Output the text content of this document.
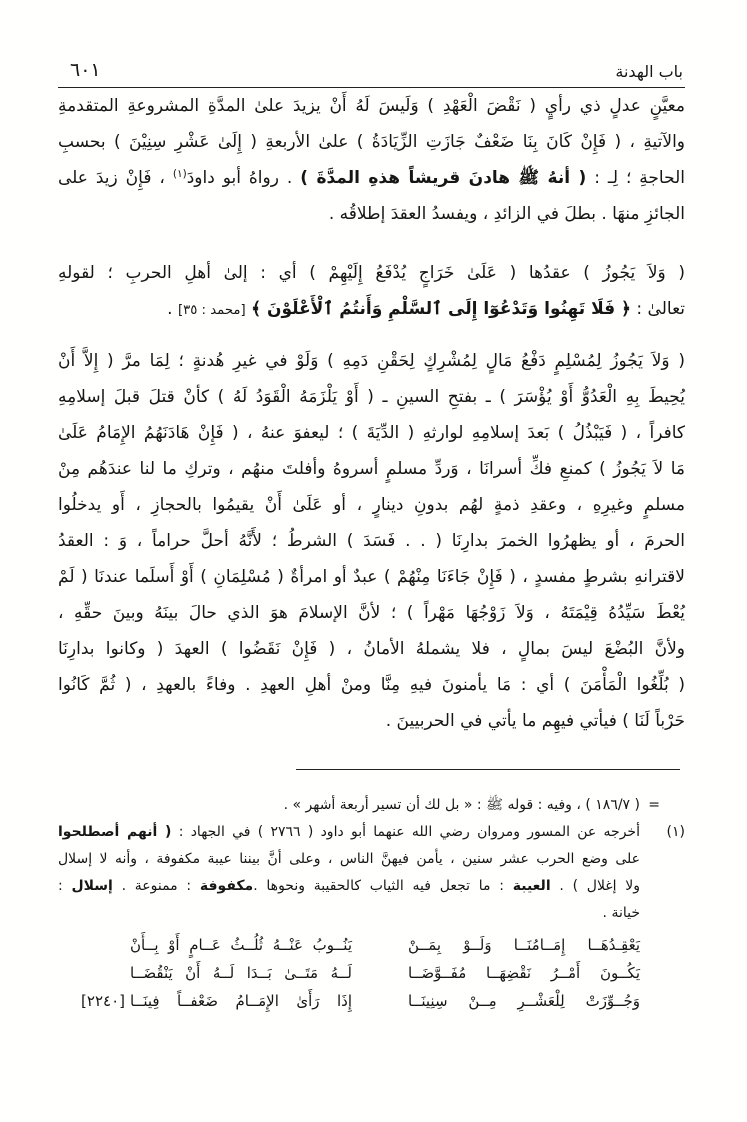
باب الهدنة
٦٠١
معيَّنٍ عدلٍ ذي رأيٍ ( نَقْضَ الْعَهْدِ ) وَلَيسَ لَهُ أَنْ يزيدَ علىٰ المدَّةِ المشروعةِ المتقدمةِ
والآتيةِ ، ( فَإِنْ كَانَ بِنَا ضَعْفٌ جَازَتِ الزِّيَادَةُ ) علىٰ الأربعةِ ( إِلَىٰ عَشْرِ سِنِيْنَ ) بحسبِ
الحاجةِ ؛ لِـ : ( أنهُ ﷺ هادنَ قريشاً هذهِ المدَّةَ ) . رواهُ أبو داودَ$^{(١)}$ ، فَإِنْ زيدَ على
الجائزِ منهَا . بطلَ في الزائدِ ، ويفسدُ العقدَ إطلاقُه .
( وَلاَ يَجُوزُ ) عقدُها ( عَلَىٰ خَرَاجٍ يُدْفَعُ إِلَيْهِمْ ) أي : إلىٰ أهلِ الحربِ ؛ لقولهِ
تعالىٰ : ﴿ فَلَا تَهِنُوا وَتَدْعُوٓا إِلَى ٱلسَّلْمِ وَأَنتُمُ ٱلْأَعْلَوْنَ ﴾ [محمد : ٣٥] .
( وَلاَ يَجُوزُ لِمُسْلِمٍ دَفْعُ مَالٍ لِمُشْرِكٍ لِحَقْنِ دَمِهِ ) وَلَوْ في غيرِ هُدنةٍ ؛ لِمَا مرَّ ( إِلاَّ أَنْ
يُحِيطَ بِهِ الْعَدُوُّ أَوْ يُؤْسَرَ ) ـ بفتحِ السينِ ـ ( أَوْ يَلْزَمَهُ الْقَوَدُ لَهُ ) كأنْ قتلَ قبلَ إسلامِهِ
كافراً ، ( فَيَبْذُلُ ) بَعدَ إسلامِهِ لوارثهِ ( الدِّيَةَ ) ؛ ليعفوَ عنهُ ، ( فَإِنْ هَادَنَهُمُ الإِمَامُ عَلَىٰ
مَا لاَ يَجُوزُ ) كمنعِ فكِّ أسرانَا ، وَردِّ مسلمٍ أسروهُ وأفلتَ منهُم ، وتركِ ما لنا عندَهُم مِنْ
مسلمٍ وغيرِهِ ، وعقدِ ذمةٍ لهُم بدونِ دينارٍ ، أو عَلَىٰ أَنْ يقيمُوا بالحجازِ ، أَو يدخلُوا
الحرمَ ، أو يظهرُوا الخمرَ بدارِنَا ( . . فَسَدَ ) الشرطُ ؛ لأَنَّهُ أحلَّ حراماً ، وَ : العقدُ
لاقترانهِ بشرطٍ مفسدٍ ، ( فَإِنْ جَاءَنَا مِنْهُمْ ) عبدٌ أو امرأةٌ ( مُسْلِمَانِ ) أَوْ أَسلَما عندنَا ( لَمْ
يُعْطَ سَيِّدُهُ قِيْمَتَهُ ، وَلاَ زَوْجُهَا مَهْراً ) ؛ لأنَّ الإسلامَ هوَ الذي حالَ بينَهُ وبينَ حقِّهِ ،
ولأنَّ البُضْعَ ليسَ بمالٍ ، فلا يشملهُ الأمانُ ، ( فَإِنْ نَقَضُوا ) العهدَ ( وكانوا بدارِنَا
( بُلِّغُوا الْمَأْمَنَ ) أي : مَا يأمنونَ فيهِ مِنَّا ومنْ أهلِ العهدِ . وفاءً بالعهدِ ، ( ثُمَّ كَانُوا
حَرْباً لَنَا ) فيأتي فيهِم ما يأتي في الحربيينَ .
=
( ١٨٦/٧ ) ، وفيه : قوله ﷺ : « بل لك أن تسير أربعة أشهر » .
(١)
أخرجه عن المسور ومروان رضي الله عنهما أبو داود ( ٢٧٦٦ ) في الجهاد : ( أنهم أصطلحوا
على وضع الحرب عشر سنين ، يأمن فيهنَّ الناس ، وعلى أنَّ بيننا عيبة مكفوفة ، وأنه لا إسلال
ولا إغلال ) . العيبة : ما تجعل فيه الثياب كالحقيبة ونحوها .مكفوفة : ممنوعة . إسلال :
خيانة .
يَعْقِـدُهَــا إِمَــامُنَــا وَلَــوْ بِمَــنْ
يَنُــوبُ عَنْــهُ ثُلُــثُ عَــامٍ أَوْ بِــأَنْ
يَكُــونَ أَمْــرُ نَقْضِهَــا مُفَــوَّضَــا
لَــهُ مَتَــىٰ بَــدَا لَــهُ أَنْ يَنْقُضَــا
وَجُــوِّزَتْ لِلْعَشْــرِ مِــنْ سِنِينَــا
إِذَا رَأَىٰ الإِمَــامُ ضَعْفــاً فِينَــا
[٢٢٤٠]
